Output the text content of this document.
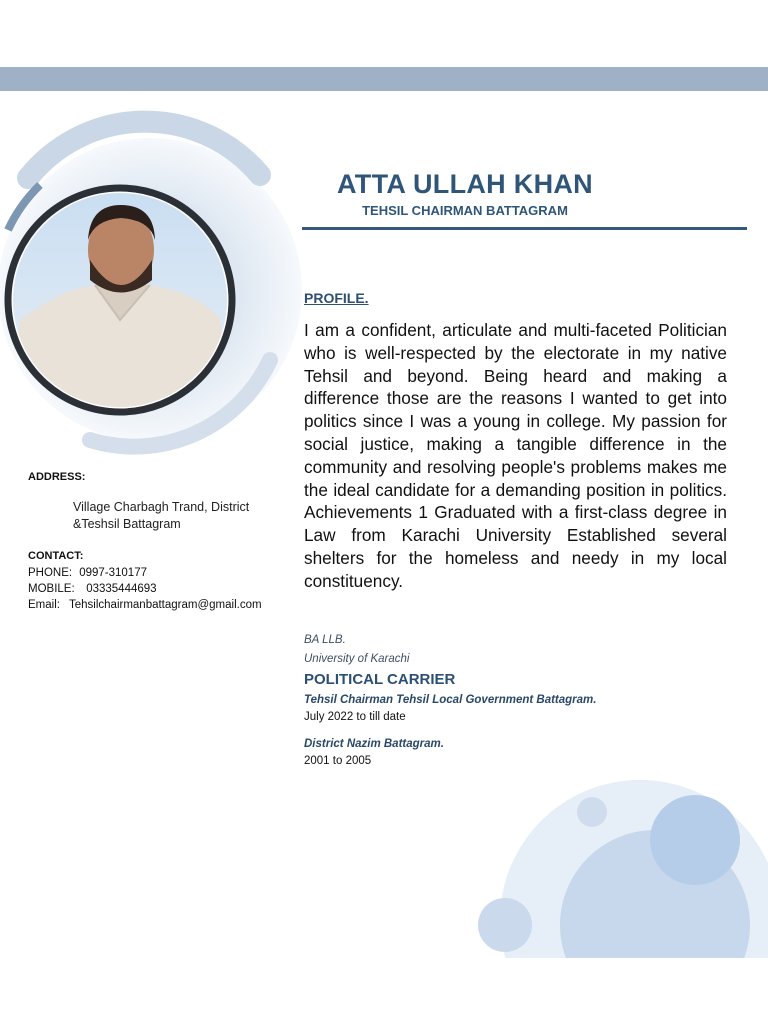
ATTA ULLAH KHAN
TEHSIL CHAIRMAN BATTAGRAM
PROFILE.
I am a confident, articulate and multi-faceted Politician who is well-respected by the electorate in my native Tehsil and beyond. Being heard and making a difference those are the reasons I wanted to get into politics since I was a young in college. My passion for social justice, making a tangible difference in the community and resolving people's problems makes me the ideal candidate for a demanding position in politics. Achievements 1 Graduated with a first-class degree in Law from Karachi University Established several shelters for the homeless and needy in my local constituency.
BA LLB.
University of Karachi
POLITICAL CARRIER
Tehsil Chairman Tehsil Local Government Battagram.
July 2022 to till date
District Nazim Battagram.
2001 to 2005
ADDRESS:
Village Charbagh Trand, District &Teshsil Battagram
CONTACT:
PHONE: 0997-310177
MOBILE: 03335444693
Email: Tehsilchairmanbattagram@gmail.com
